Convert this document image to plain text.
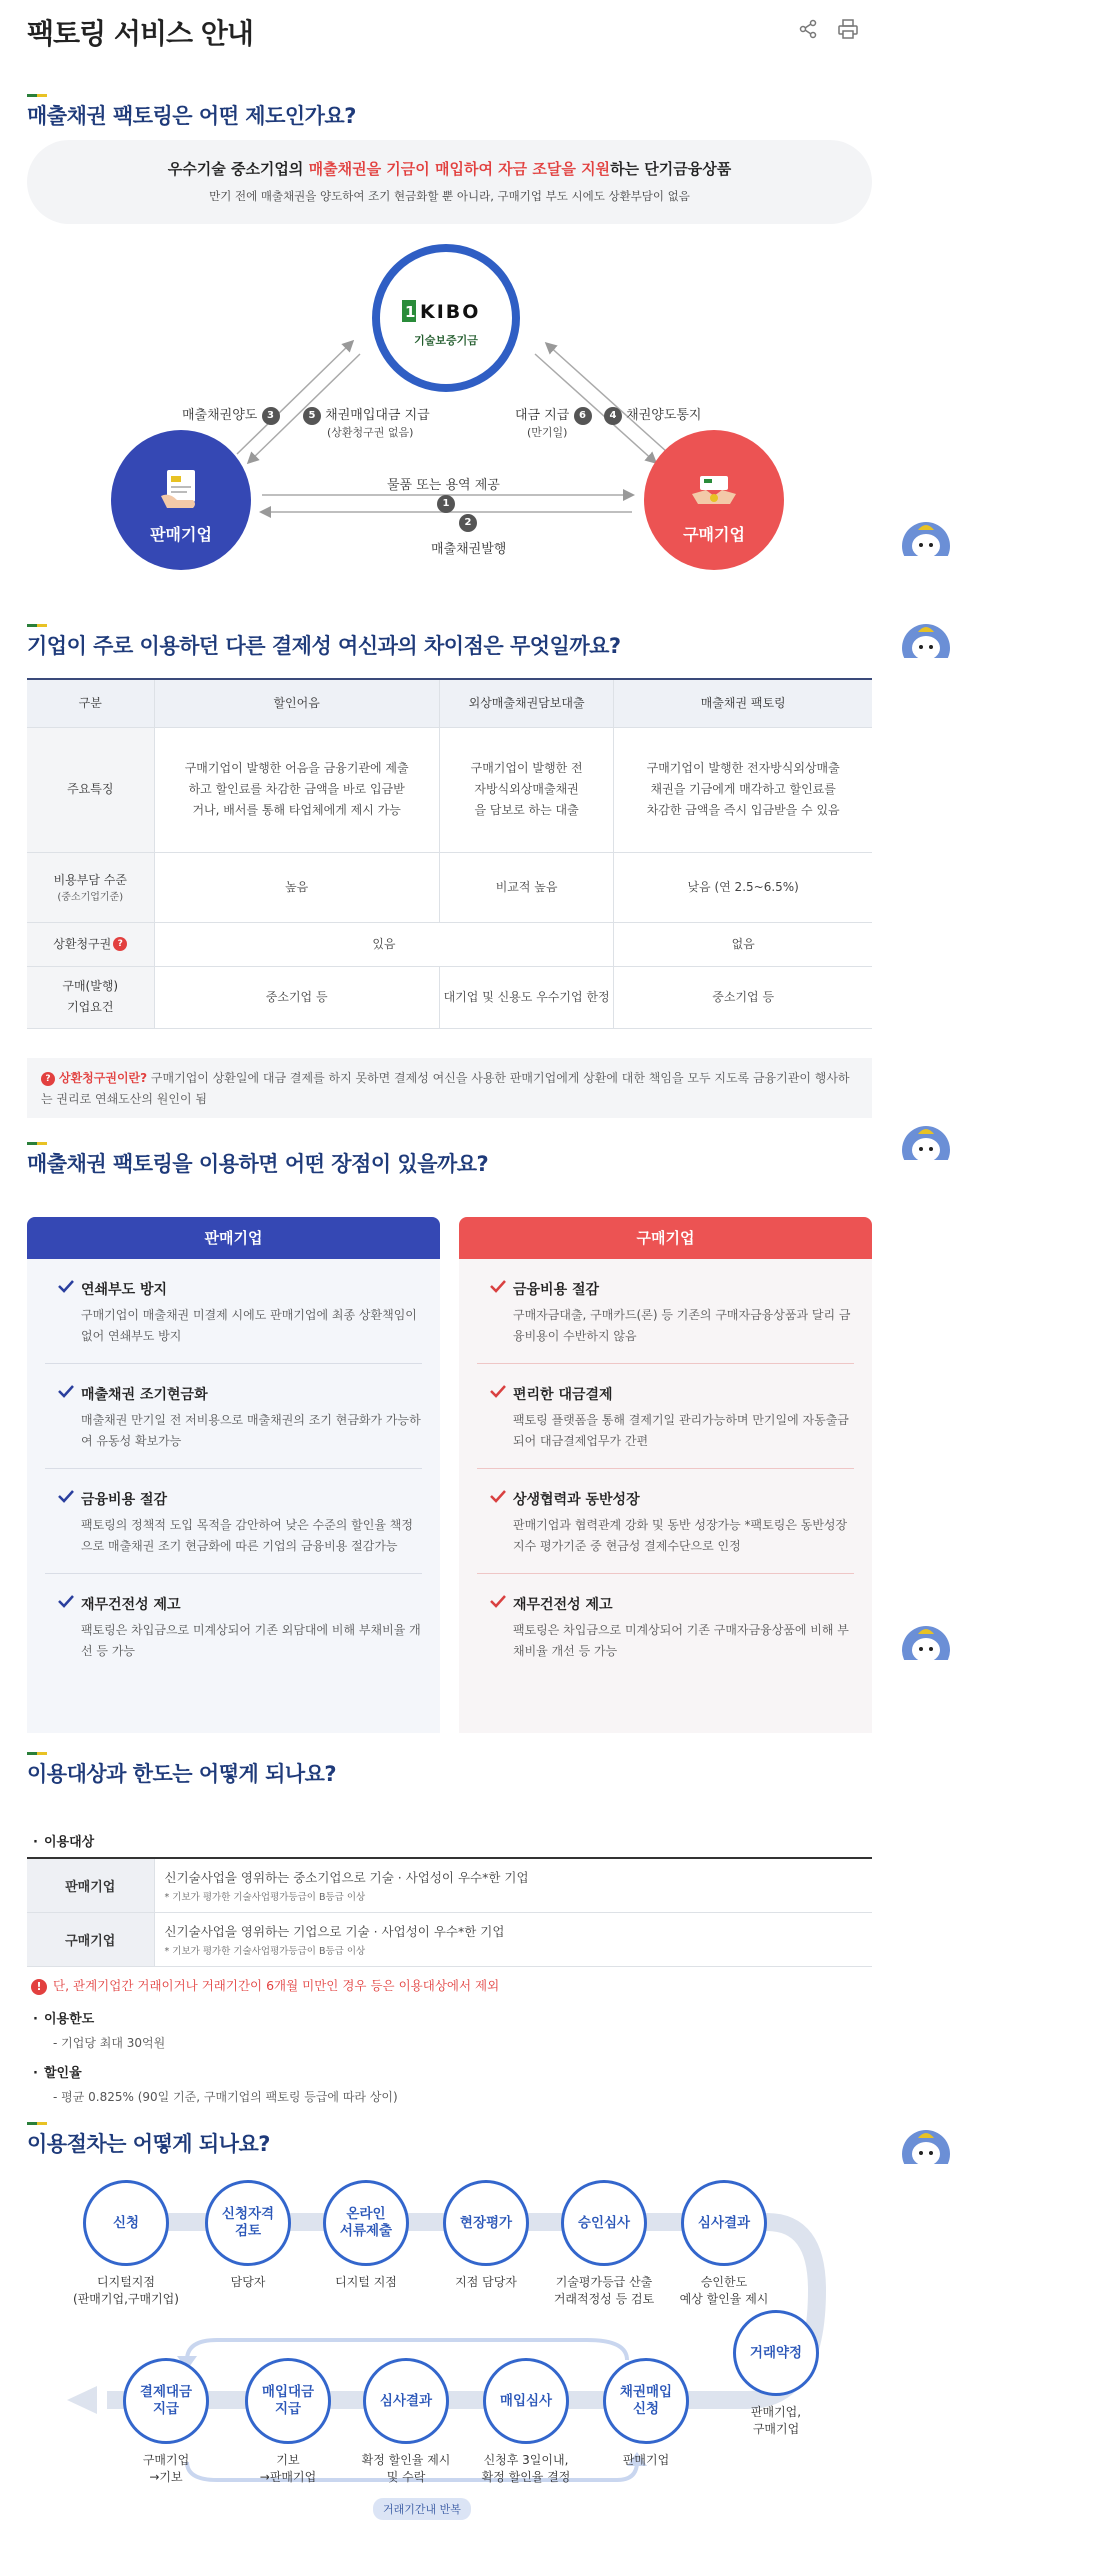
팩토링 서비스 안내
매출채권 팩토링은 어떤 제도인가요?
우수기술 중소기업의 매출채권을 기금이 매입하여 자금 조달을 지원하는 단기금융상품
만기 전에 매출채권을 양도하여 조기 현금화할 뿐 아니라, 구매기업 부도 시에도 상환부담이 없음
1 KIBO
기술보증기금
판매기업	구매기업
매출채권양도 3	5 채권매입대금 지급
(상환청구권 없음)
대금 지급 6
(만기일)
4 채권양도통지
물품 또는 용역 제공
1
2
매출채권발행
기업이 주로 이용하던 다른 결제성 여신과의 차이점은 무엇일까요?
구분	할인어음	외상매출채권담보대출	매출채권 팩토링
주요특징	구매기업이 발행한 어음을 금융기관에 제출하고 할인료를 차감한 금액을 바로 입금받거나, 배서를 통해 타업체에게 제시 가능	구매기업이 발행한 전자방식외상매출채권을 담보로 하는 대출	구매기업이 발행한 전자방식외상매출채권을 기금에게 매각하고 할인료를 차감한 금액을 즉시 입금받을 수 있음
비용부담 수준
(중소기업기준)	높음	비교적 높음	낮음 (연 2.5~6.5%)
상환청구권 ?	있음		없음
구매(발행) 기업요건	중소기업 등	대기업 및 신용도 우수기업 한정	중소기업 등
? 상환청구권이란? 구매기업이 상환일에 대금 결제를 하지 못하면 결제성 여신을 사용한 판매기업에게 상환에 대한 책임을 모두 지도록 금융기관이 행사하는 권리로 연쇄도산의 원인이 됨
매출채권 팩토링을 이용하면 어떤 장점이 있을까요?
판매기업
연쇄부도 방지
구매기업이 매출채권 미결제 시에도 판매기업에 최종 상환책임이 없어 연쇄부도 방지
매출채권 조기현금화
매출채권 만기일 전 저비용으로 매출채권의 조기 현금화가 가능하여 유동성 확보가능
금융비용 절감
팩토링의 정책적 도입 목적을 감안하여 낮은 수준의 할인율 책정으로 매출채권 조기 현금화에 따른 기업의 금융비용 절감가능
재무건전성 제고
팩토링은 차입금으로 미계상되어 기존 외담대에 비해 부채비율 개선 등 가능
구매기업
금융비용 절감
구매자금대출, 구매카드(론) 등 기존의 구매자금융상품과 달리 금융비용이 수반하지 않음
편리한 대금결제
팩토링 플랫폼을 통해 결제기일 관리가능하며 만기일에 자동출금되어 대금결제업무가 간편
상생협력과 동반성장
판매기업과 협력관계 강화 및 동반 성장가능 *팩토링은 동반성장지수 평가기준 중 현금성 결제수단으로 인정
재무건전성 제고
팩토링은 차입금으로 미계상되어 기존 구매자금융상품에 비해 부채비율 개선 등 가능
이용대상과 한도는 어떻게 되나요?
· 이용대상
판매기업	신기술사업을 영위하는 중소기업으로 기술 · 사업성이 우수*한 기업
* 기보가 평가한 기술사업평가등급이 B등급 이상

구매기업	신기술사업을 영위하는 기업으로 기술 · 사업성이 우수*한 기업
* 기보가 평가한 기술사업평가등급이 B등급 이상
! 단, 관계기업간 거래이거나 거래기간이 6개월 미만인 경우 등은 이용대상에서 제외
· 이용한도
- 기업당 최대 30억원
· 할인율
- 평균 0.825% (90일 기준, 구매기업의 팩토링 등급에 따라 상이)
이용절차는 어떻게 되나요?
신청
신청자격
검토
온라인
서류제출
현장평가	승인심사	심사결과
디지털지점
(판매기업,구매기업)
담당자	디지털 지점	지점 담당자	기술평가등급 산출
거래적정성 등 검토
승인한도
예상 할인율 제시
거래약정
판매기업,
구매기업
결제대금
지급
매입대금
지급
심사결과	매입심사
채권매입
신청
구매기업
→기보
기보
→판매기업
확정 할인율 제시
및 수락
신청후 3일이내,
확정 할인율 결정
판매기업
거래기간내 반복
